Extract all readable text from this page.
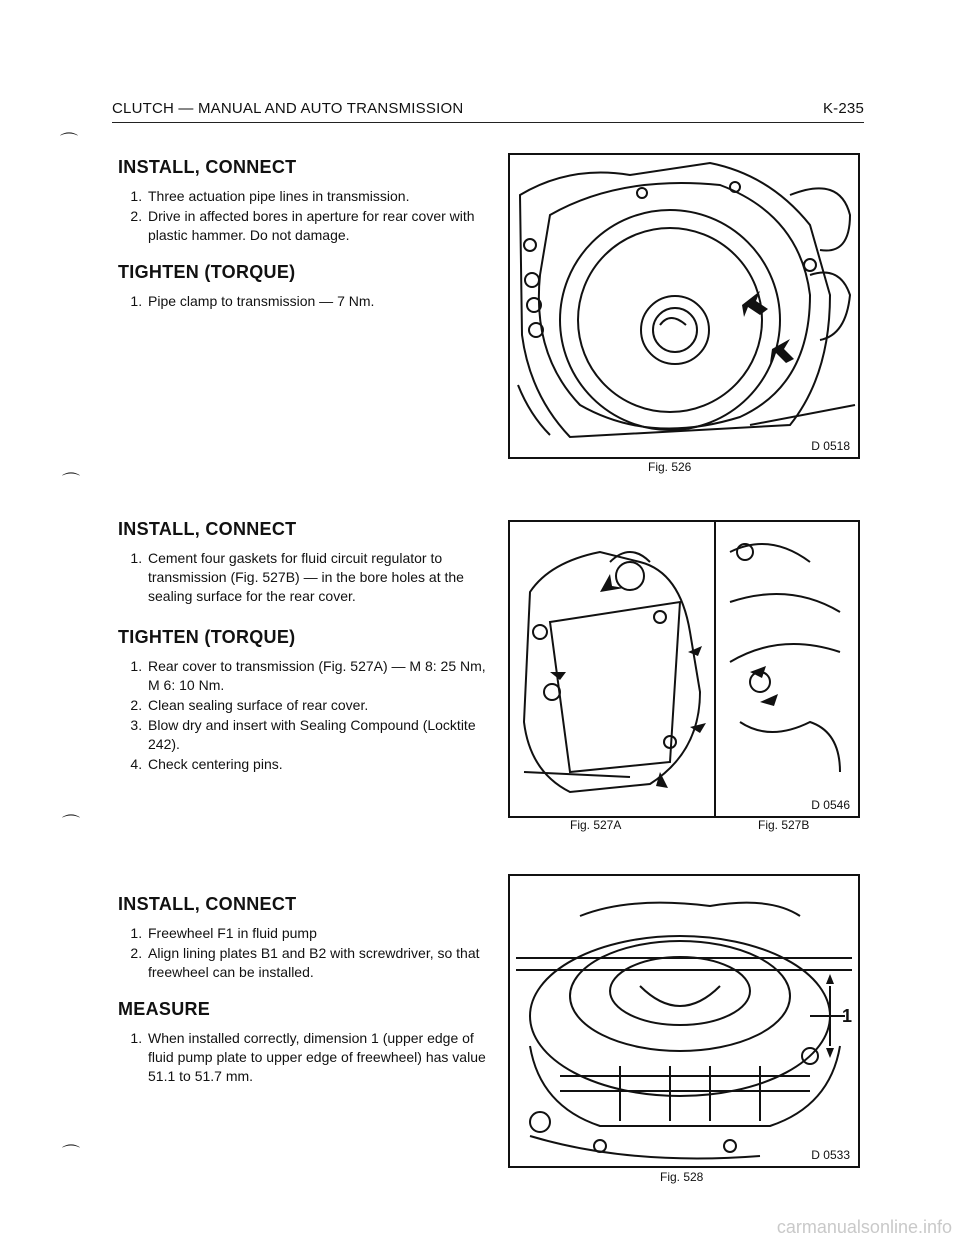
CLUTCH — MANUAL AND AUTO TRANSMISSION	K-235
⌒
⌒
⌒
⌒
INSTALL, CONNECT
1. Three actuation pipe lines in transmission.
2. Drive in affected bores in aperture for rear cover with plastic hammer. Do not damage.
TIGHTEN (TORQUE)
1. Pipe clamp to transmission — 7 Nm.
INSTALL, CONNECT
1. Cement four gaskets for fluid circuit regulator to transmission (Fig. 527B) — in the bore holes at the sealing surface for the rear cover.
TIGHTEN (TORQUE)
1. Rear cover to transmission (Fig. 527A) — M 8: 25 Nm, M 6: 10 Nm.
2. Clean sealing surface of rear cover.
3. Blow dry and insert with Sealing Compound (Locktite 242).
4. Check centering pins.
INSTALL, CONNECT
1. Freewheel F1 in fluid pump
2. Align lining plates B1 and B2 with screwdriver, so that freewheel can be installed.
MEASURE
1. When installed correctly, dimension 1 (upper edge of fluid pump plate to upper edge of freewheel) has value 51.1 to 51.7 mm.
D 0518
Fig. 526
D 0546
Fig. 527A	Fig. 527B
1
D 0533
Fig. 528
carmanualsonline.info
